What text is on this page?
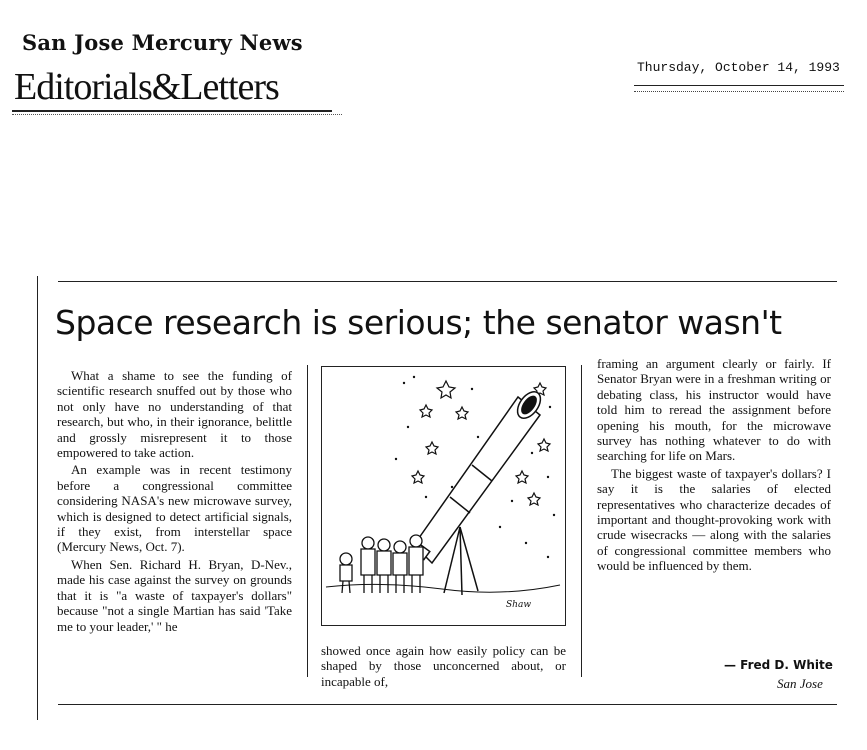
San Jose Mercury News
Editorials&Letters	Thursday, October 14, 1993
Space research is serious; the senator wasn't

What a shame to see the funding of scientific research snuffed out by those who not only have no understanding of that research, but who, in their ignorance, belittle and grossly misrepresent it to those empowered to take action.

An example was in recent testimony before a congressional committee considering NASA's new microwave survey, which is designed to detect artificial signals, if they exist, from interstellar space (Mercury News, Oct. 7).

When Sen. Richard H. Bryan, D-Nev., made his case against the survey on grounds that it is "a waste of taxpayer's dollars" because "not a single Martian has said 'Take me to your leader,' " he

Shaw

showed once again how easily policy can be shaped by those unconcerned about, or incapable of,

framing an argument clearly or fairly. If Senator Bryan were in a freshman writing or debating class, his instructor would have told him to reread the assignment before opening his mouth, for the microwave survey has nothing whatever to do with searching for life on Mars.

The biggest waste of taxpayer's dollars? I say it is the salaries of elected representatives who characterize decades of important and thought-provoking work with crude wisecracks — along with the salaries of congressional committee members who would be influenced by them.

— Fred D. White
San Jose
